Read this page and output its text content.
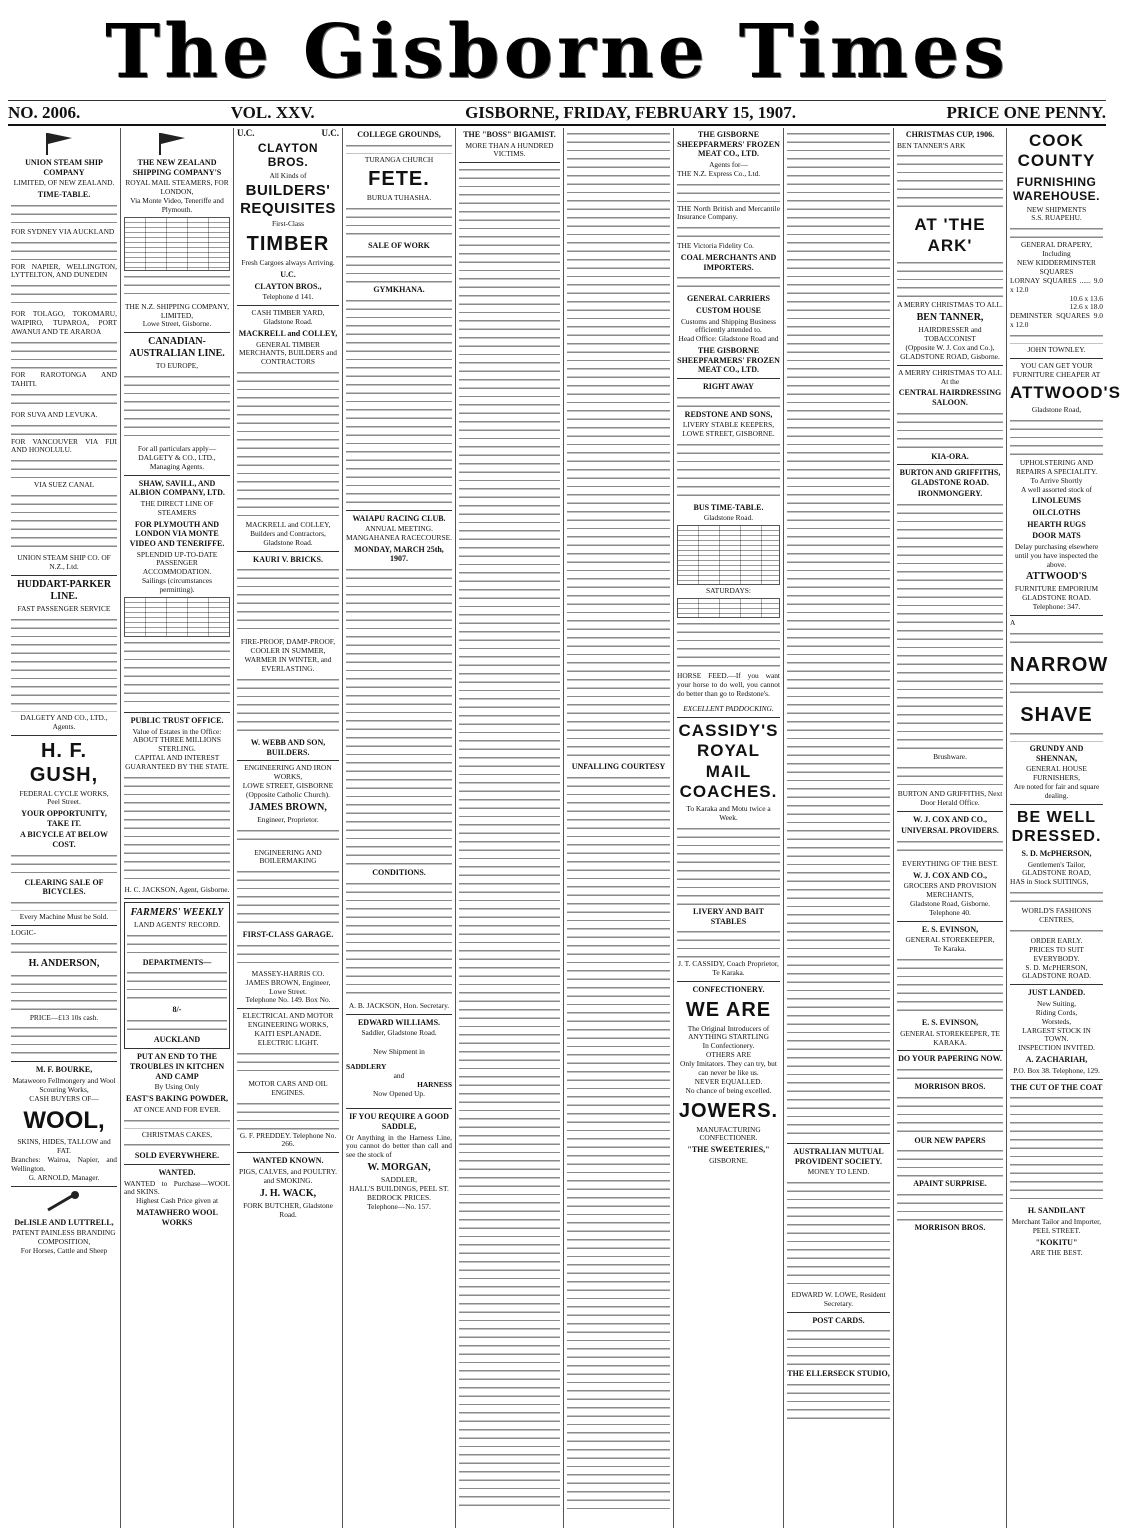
The Gisborne Times
NO. 2006.	VOL. XXV.	GISBORNE, FRIDAY, FEBRUARY 15, 1907.	PRICE ONE PENNY.
UNION STEAM SHIP COMPANY
LIMITED, OF NEW ZEALAND.
TIME-TABLE.
FOR SYDNEY VIA AUCKLAND
FOR NAPIER, WELLINGTON, LYTTELTON, AND DUNEDIN
FOR TOLAGO, TOKOMARU, WAIPIRO, TUPAROA, PORT AWANUI AND TE ARAROA
FOR RAROTONGA AND TAHITI.
FOR SUVA AND LEVUKA.
FOR VANCOUVER VIA FIJI AND HONOLULU.
VIA SUEZ CANAL
UNION STEAM SHIP CO. OF N.Z., Ltd.
HUDDART-PARKER LINE.
FAST PASSENGER SERVICE
DALGETY AND CO., LTD., Agents.
H. F. GUSH,
FEDERAL CYCLE WORKS,
Peel Street.
YOUR OPPORTUNITY, TAKE IT.
A BICYCLE AT BELOW COST.
CLEARING SALE OF BICYCLES.
Every Machine Must be Sold.
LOGIC-
H. ANDERSON,
PRICE—£13 10s cash.
M. F. BOURKE,
Mataweoro Fellmongery and Wool Scouring Works,
CASH BUYERS OF—
WOOL,
SKINS, HIDES, TALLOW and FAT.
Branches: Wairoa, Napier, and Wellington.
G. ARNOLD, Manager.
DeLISLE AND LUTTRELL,
PATENT PAINLESS BRANDING COMPOSITION,
For Horses, Cattle and Sheep
THE NEW ZEALAND SHIPPING COMPANY'S
ROYAL MAIL STEAMERS, FOR LONDON,
Via Monte Video, Teneriffe and Plymouth.
THE N.Z. SHIPPING COMPANY, LIMITED,
Lowe Street, Gisborne.
CANADIAN-AUSTRALIAN LINE.
TO EUROPE,
For all particulars apply—
DALGETY & CO., LTD., Managing Agents.
SHAW, SAVILL, AND ALBION COMPANY, LTD.
THE DIRECT LINE OF STEAMERS
FOR PLYMOUTH AND LONDON VIA MONTE VIDEO AND TENERIFFE.
SPLENDID UP-TO-DATE PASSENGER ACCOMMODATION.
Sailings (circumstances permitting).
PUBLIC TRUST OFFICE.
Value of Estates in the Office: ABOUT THREE MILLIONS STERLING.
CAPITAL AND INTEREST GUARANTEED BY THE STATE.
H. C. JACKSON, Agent, Gisborne.
FARMERS' WEEKLY
LAND AGENTS' RECORD.
DEPARTMENTS—
8/-
AUCKLAND
PUT AN END TO THE TROUBLES IN KITCHEN AND CAMP
By Using Only
EAST'S BAKING POWDER,
AT ONCE AND FOR EVER.
CHRISTMAS CAKES,
SOLD EVERYWHERE.
WANTED.
WANTED to Purchase—WOOL and SKINS.
Highest Cash Price given at
MATAWHERO WOOL WORKS
U.C.	U.C.
CLAYTON BROS.
All Kinds of
BUILDERS' REQUISITES
First-Class
TIMBER
Fresh Cargoes always Arriving.
U.C.
CLAYTON BROS.,
Telephone d 141.
CASH TIMBER YARD, Gladstone Road.
MACKRELL and COLLEY,
GENERAL TIMBER MERCHANTS, BUILDERS and CONTRACTORS
MACKRELL and COLLEY, Builders and Contractors, Gladstone Road.
KAURI V. BRICKS.
FIRE-PROOF, DAMP-PROOF, COOLER IN SUMMER, WARMER IN WINTER, and EVERLASTING.
W. WEBB AND SON, BUILDERS.
ENGINEERING AND IRON WORKS,
LOWE STREET, GISBORNE
(Opposite Catholic Church).
JAMES BROWN,
Engineer, Proprietor.
ENGINEERING AND BOILERMAKING
FIRST-CLASS GARAGE.
MASSEY-HARRIS CO.
JAMES BROWN, Engineer, Lowe Street.
Telephone No. 149. Box No.
ELECTRICAL AND MOTOR ENGINEERING WORKS,
KAITI ESPLANADE.
ELECTRIC LIGHT.
MOTOR CARS AND OIL ENGINES.
G. F. PREDDEY. Telephone No. 266.
WANTED KNOWN.
PIGS, CALVES, and POULTRY. and SMOKING.
J. H. WACK,
FORK BUTCHER, Gladstone Road.
COLLEGE GROUNDS,
TURANGA CHURCH
FETE.
BURUA TUHASHA.
SALE OF WORK
GYMKHANA.
WAIAPU RACING CLUB.
ANNUAL MEETING.
MANGAHANEA RACECOURSE.
MONDAY, MARCH 25th, 1907.
CONDITIONS.
A. B. JACKSON, Hon. Secretary.
EDWARD WILLIAMS.
Saddler, Gladstone Road.
New Shipment in
SADDLERY
and
HARNESS
Now Opened Up.
IF YOU REQUIRE A GOOD SADDLE,
Or Anything in the Harness Line, you cannot do better than call and see the stock of
W. MORGAN,
SADDLER,
HALL'S BUILDINGS, PEEL ST. BEDROCK PRICES.
Telephone—No. 157.
THE "BOSS" BIGAMIST.
MORE THAN A HUNDRED VICTIMS.
UNFALLING COURTESY
THE GISBORNE SHEEPFARMERS' FROZEN MEAT CO., LTD.
Agents for—
THE N.Z. Express Co., Ltd.
THE North British and Mercantile Insurance Company.
THE Victoria Fidelity Co.
COAL MERCHANTS AND IMPORTERS.
GENERAL CARRIERS
CUSTOM HOUSE
Customs and Shipping Business efficiently attended to.
Head Office: Gladstone Road and
THE GISBORNE SHEEPFARMERS' FROZEN MEAT CO., LTD.
RIGHT AWAY
REDSTONE AND SONS,
LIVERY STABLE KEEPERS, LOWE STREET, GISBORNE.
BUS TIME-TABLE.
Gladstone Road.
SATURDAYS:
HORSE FEED.—If you want your horse to do well, you cannot do better than go to Redstone's.
EXCELLENT PADDOCKING.
CASSIDY'S ROYAL MAIL COACHES.
To Karaka and Motu twice a Week.
LIVERY AND BAIT STABLES
J. T. CASSIDY, Coach Proprietor, Te Karaka.
CONFECTIONERY.
WE ARE
The Original Introducers of
ANYTHING STARTLING
In Confectionery.
OTHERS ARE
Only Imitators. They can try, but can never be like us.
NEVER EQUALLED.
No chance of being excelled.
JOWERS.
MANUFACTURING CONFECTIONER.
"THE SWEETERIES,"
GISBORNE.
AUSTRALIAN MUTUAL PROVIDENT SOCIETY.
MONEY TO LEND.
EDWARD W. LOWE, Resident Secretary.
POST CARDS.
THE ELLERSECK STUDIO,
CHRISTMAS CUP, 1906.
BEN TANNER'S ARK
AT 'THE ARK'
A MERRY CHRISTMAS TO ALL.
BEN TANNER,
HAIRDRESSER and TOBACCONIST
(Opposite W. J. Cox and Co.), GLADSTONE ROAD, Gisborne.
A MERRY CHRISTMAS TO ALL At the
CENTRAL HAIRDRESSING SALOON.
KIA-ORA.
BURTON AND GRIFFITHS, GLADSTONE ROAD.
IRONMONGERY.
Brushware.
BURTON AND GRIFFITHS, Next Door Herald Office.
W. J. COX AND CO.,
UNIVERSAL PROVIDERS.
EVERYTHING OF THE BEST.
W. J. COX AND CO.,
GROCERS AND PROVISION MERCHANTS,
Gladstone Road, Gisborne.
Telephone 40.
E. S. EVINSON,
GENERAL STOREKEEPER,
Te Karaka.
E. S. EVINSON,
GENERAL STOREKEEPER, TE KARAKA.
DO YOUR PAPERING NOW.
MORRISON BROS.
OUR NEW PAPERS
APAINT SURPRISE.
MORRISON BROS.
COOK COUNTY
FURNISHING WAREHOUSE.
NEW SHIPMENTS
S.S. RUAPEHU.
GENERAL DRAPERY,
Including
NEW KIDDERMINSTER SQUARES
LORNAY SQUARES ...... 9.0 x 12.0
10.6 x 13.6
12.6 x 18.0
DEMINSTER SQUARES 9.0 x 12.0
JOHN TOWNLEY.
YOU CAN GET YOUR FURNITURE CHEAPER AT
ATTWOOD'S
Gladstone Road,
UPHOLSTERING AND REPAIRS A SPECIALITY.
To Arrive Shortly
A well assorted stock of
LINOLEUMS
OILCLOTHS
HEARTH RUGS
DOOR MATS
Delay purchasing elsewhere until you have inspected the above.
ATTWOOD'S
FURNITURE EMPORIUM GLADSTONE ROAD.
Telephone: 347.
A
NARROW
SHAVE
GRUNDY AND SHENNAN,
GENERAL HOUSE FURNISHERS,
Are noted for fair and square dealing.
BE WELL DRESSED.
S. D. McPHERSON,
Gentlemen's Tailor,
GLADSTONE ROAD,
HAS in Stock SUITINGS,
WORLD'S FASHIONS CENTRES,
ORDER EARLY.
PRICES TO SUIT EVERYBODY.
S. D. McPHERSON, GLADSTONE ROAD.
JUST LANDED.
New Suiting,
Riding Cords,
Worsteds,
LARGEST STOCK IN TOWN.
INSPECTION INVITED.
A. ZACHARIAH,
P.O. Box 38. Telephone, 129.
THE CUT OF THE COAT
H. SANDILANT
Merchant Tailor and Importer,
PEEL STREET.
"KOKITU"
ARE THE BEST.
